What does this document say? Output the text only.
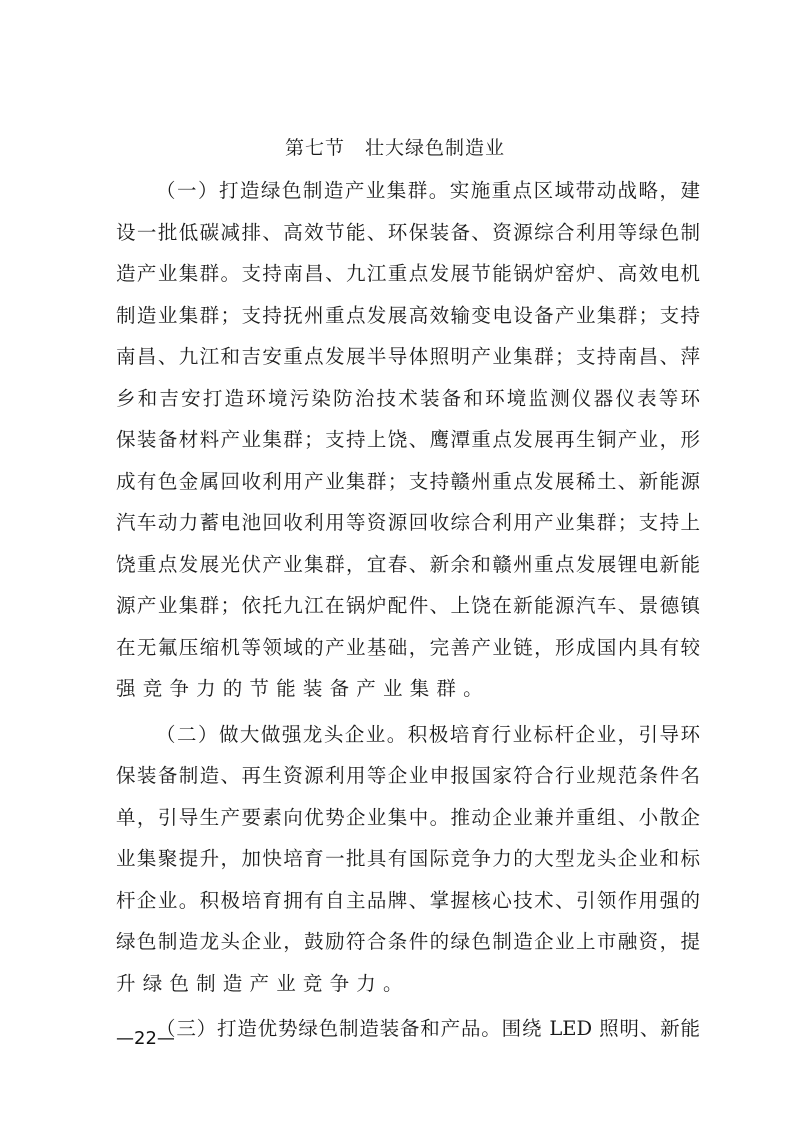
第七节　壮大绿色制造业
（一）打造绿色制造产业集群。实施重点区域带动战略，建
设一批低碳减排、高效节能、环保装备、资源综合利用等绿色制
造产业集群。支持南昌、九江重点发展节能锅炉窑炉、高效电机
制造业集群；支持抚州重点发展高效输变电设备产业集群；支持
南昌、九江和吉安重点发展半导体照明产业集群；支持南昌、萍
乡和吉安打造环境污染防治技术装备和环境监测仪器仪表等环
保装备材料产业集群；支持上饶、鹰潭重点发展再生铜产业，形
成有色金属回收利用产业集群；支持赣州重点发展稀土、新能源
汽车动力蓄电池回收利用等资源回收综合利用产业集群；支持上
饶重点发展光伏产业集群，宜春、新余和赣州重点发展锂电新能
源产业集群；依托九江在锅炉配件、上饶在新能源汽车、景德镇
在无氟压缩机等领域的产业基础，完善产业链，形成国内具有较
强竞争力的节能装备产业集群。
（二）做大做强龙头企业。积极培育行业标杆企业，引导环
保装备制造、再生资源利用等企业申报国家符合行业规范条件名
单，引导生产要素向优势企业集中。推动企业兼并重组、小散企
业集聚提升，加快培育一批具有国际竞争力的大型龙头企业和标
杆企业。积极培育拥有自主品牌、掌握核心技术、引领作用强的
绿色制造龙头企业，鼓励符合条件的绿色制造企业上市融资，提
升绿色制造产业竞争力。
（三）打造优势绿色制造装备和产品。围绕 LED 照明、新能
—22—
